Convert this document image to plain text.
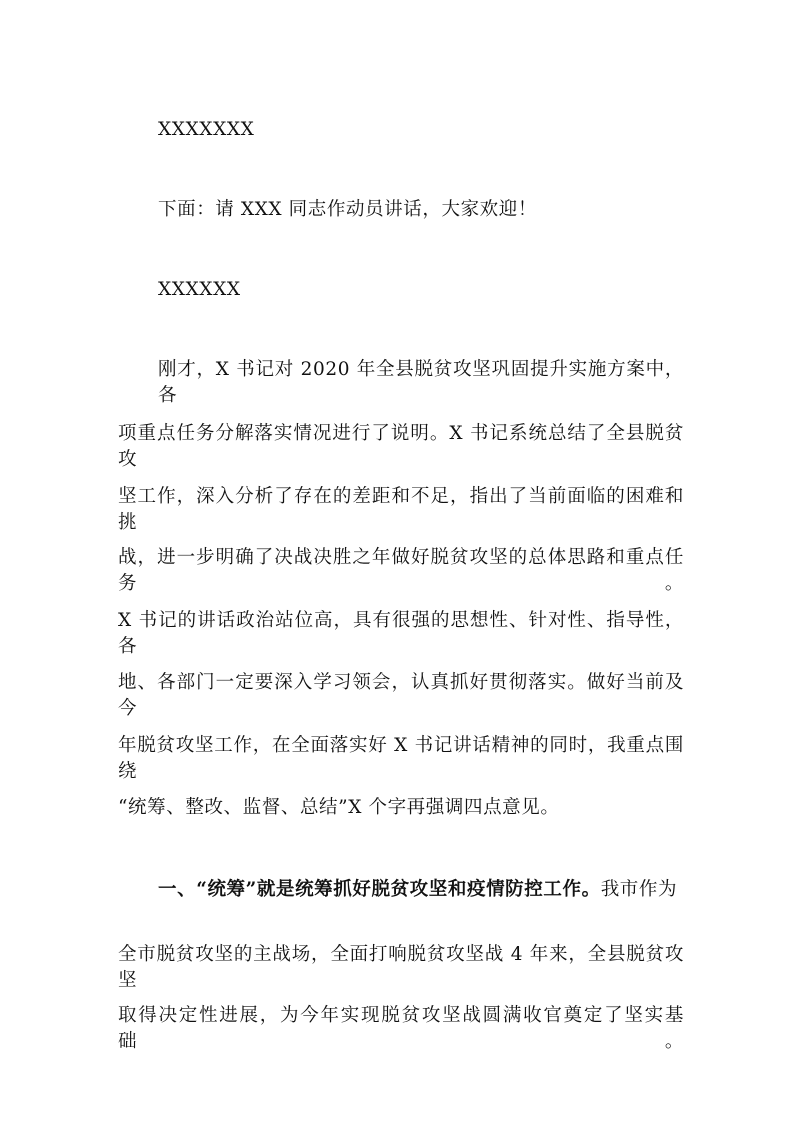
XXXXXXX
下面：请 XXX 同志作动员讲话，大家欢迎！
XXXXXX
刚才，X 书记对 2020 年全县脱贫攻坚巩固提升实施方案中，各
项重点任务分解落实情况进行了说明。X 书记系统总结了全县脱贫攻
坚工作，深入分析了存在的差距和不足，指出了当前面临的困难和挑
战，进一步明确了决战决胜之年做好脱贫攻坚的总体思路和重点任务。
X 书记的讲话政治站位高，具有很强的思想性、针对性、指导性，各
地、各部门一定要深入学习领会，认真抓好贯彻落实。做好当前及今
年脱贫攻坚工作，在全面落实好 X 书记讲话精神的同时，我重点围绕
“统筹、整改、监督、总结”X 个字再强调四点意见。
一、“统筹”就是统筹抓好脱贫攻坚和疫情防控工作。我市作为
全市脱贫攻坚的主战场，全面打响脱贫攻坚战 4 年来，全县脱贫攻坚
取得决定性进展，为今年实现脱贫攻坚战圆满收官奠定了坚实基础。
